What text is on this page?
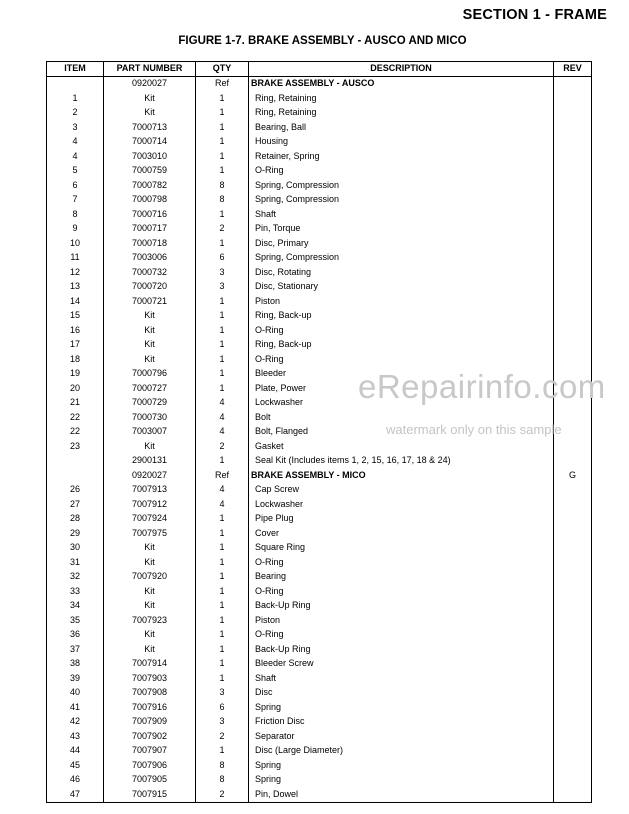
SECTION 1 - FRAME
FIGURE 1-7. BRAKE ASSEMBLY - AUSCO AND MICO
ITEM	PART NUMBER	QTY	DESCRIPTION	REV
	0920027	Ref	BRAKE ASSEMBLY - AUSCO	
1	Kit	1	Ring, Retaining	
2	Kit	1	Ring, Retaining	
3	7000713	1	Bearing, Ball	
4	7000714	1	Housing	
4	7003010	1	Retainer, Spring	
5	7000759	1	O-Ring	
6	7000782	8	Spring, Compression	
7	7000798	8	Spring, Compression	
8	7000716	1	Shaft	
9	7000717	2	Pin, Torque	
10	7000718	1	Disc, Primary	
11	7003006	6	Spring, Compression	
12	7000732	3	Disc, Rotating	
13	7000720	3	Disc, Stationary	
14	7000721	1	Piston	
15	Kit	1	Ring, Back-up	
16	Kit	1	O-Ring	
17	Kit	1	Ring, Back-up	
18	Kit	1	O-Ring	
19	7000796	1	Bleeder	
20	7000727	1	Plate, Power	
21	7000729	4	Lockwasher	
22	7000730	4	Bolt	
22	7003007	4	Bolt, Flanged	
23	Kit	2	Gasket	
	2900131	1	Seal Kit (Includes items 1, 2, 15, 16, 17, 18 & 24)	
	0920027	Ref	BRAKE ASSEMBLY - MICO	G
26	7007913	4	Cap Screw	
27	7007912	4	Lockwasher	
28	7007924	1	Pipe Plug	
29	7007975	1	Cover	
30	Kit	1	Square Ring	
31	Kit	1	O-Ring	
32	7007920	1	Bearing	
33	Kit	1	O-Ring	
34	Kit	1	Back-Up Ring	
35	7007923	1	Piston	
36	Kit	1	O-Ring	
37	Kit	1	Back-Up Ring	
38	7007914	1	Bleeder Screw	
39	7007903	1	Shaft	
40	7007908	3	Disc	
41	7007916	6	Spring	
42	7007909	3	Friction Disc	
43	7007902	2	Separator	
44	7007907	1	Disc (Large Diameter)	
45	7007906	8	Spring	
46	7007905	8	Spring	
47	7007915	2	Pin, Dowel	
eRepairinfo.com
watermark only on this sample
